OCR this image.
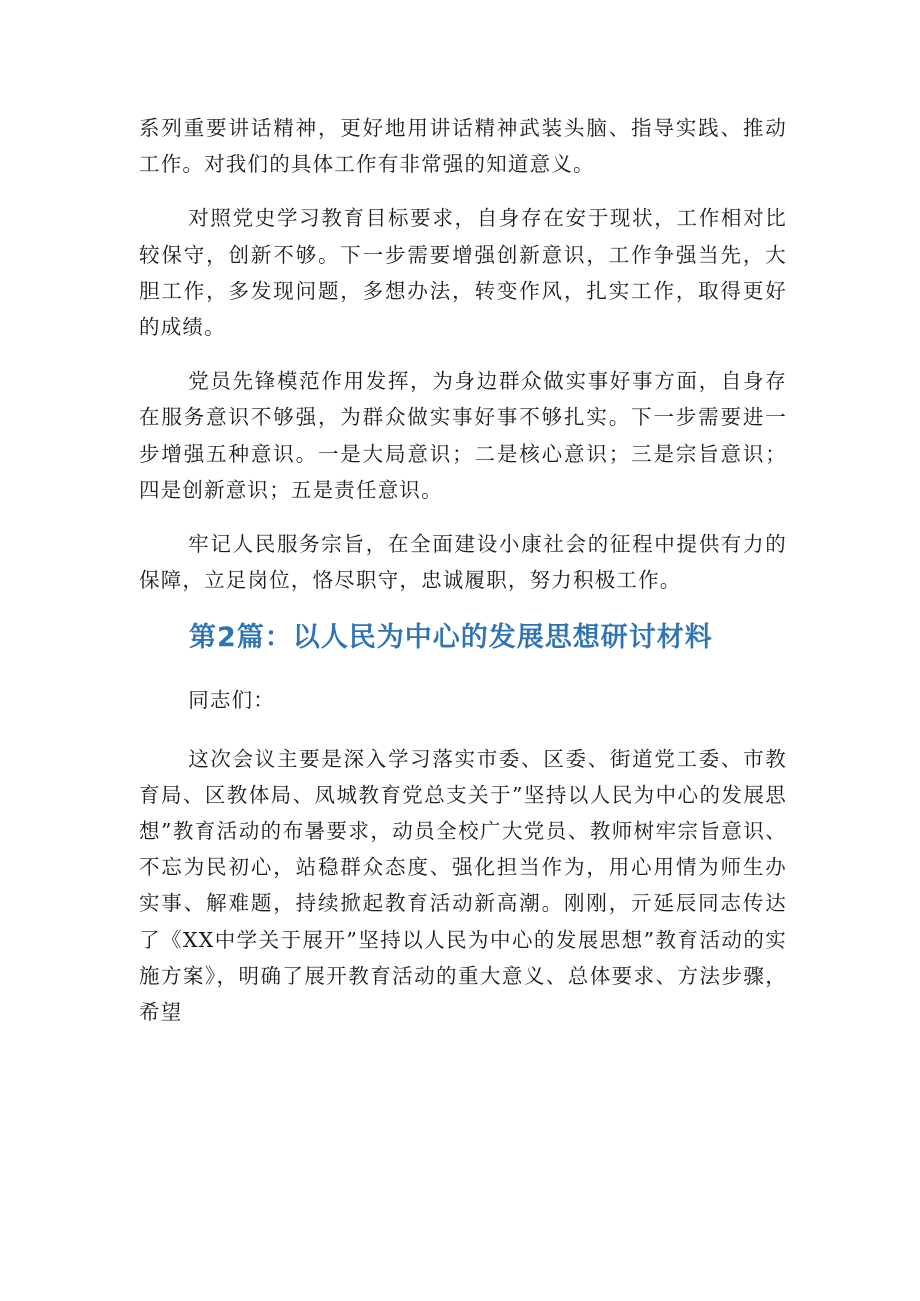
系列重要讲话精神，更好地用讲话精神武装头脑、指导实践、推动工作。对我们的具体工作有非常强的知道意义。

对照党史学习教育目标要求，自身存在安于现状，工作相对比较保守，创新不够。下一步需要增强创新意识，工作争强当先，大胆工作，多发现问题，多想办法，转变作风，扎实工作，取得更好的成绩。

党员先锋模范作用发挥，为身边群众做实事好事方面，自身存在服务意识不够强，为群众做实事好事不够扎实。下一步需要进一步增强五种意识。一是大局意识；二是核心意识；三是宗旨意识；四是创新意识；五是责任意识。

牢记人民服务宗旨，在全面建设小康社会的征程中提供有力的保障，立足岗位，恪尽职守，忠诚履职，努力积极工作。

第2篇：以人民为中心的发展思想研讨材料

同志们：

这次会议主要是深入学习落实市委、区委、街道党工委、市教育局、区教体局、凤城教育党总支关于”坚持以人民为中心的发展思想”教育活动的布暑要求，动员全校广大党员、教师树牢宗旨意识、不忘为民初心，站稳群众态度、强化担当作为，用心用情为师生办实事、解难题，持续掀起教育活动新高潮。刚刚，亓延辰同志传达了《XX中学关于展开”坚持以人民为中心的发展思想”教育活动的实施方案》，明确了展开教育活动的重大意义、总体要求、方法步骤，希望
